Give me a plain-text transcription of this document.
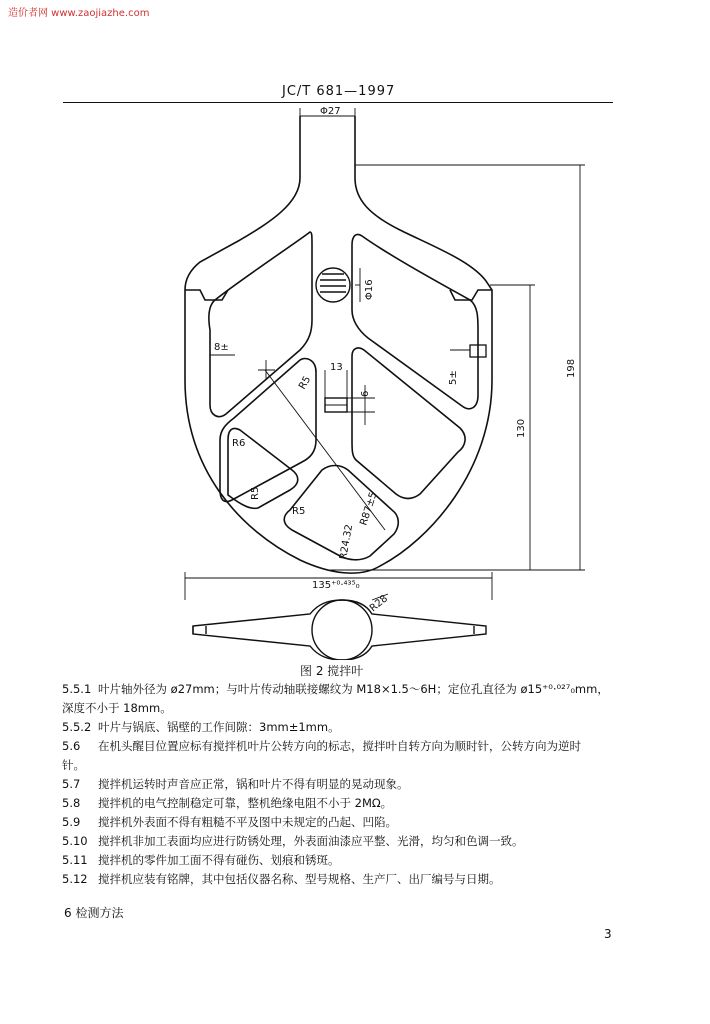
造价者网 www.zaojiazhe.com
JC/T 681—1997
Φ27
Φ16
8±
5±
R5
13
6
R6
R5
R5	R87±5
R24.32
130
198
135⁺⁰·⁴³⁵₀
R28
图 2 搅拌叶

5.5.1 叶片轴外径为 ø27mm；与叶片传动轴联接螺纹为 M18×1.5～6H；定位孔直径为 ø15⁺⁰·⁰²⁷₀mm，

深度不小于 18mm。

5.5.2 叶片与锅底、锅壁的工作间隙：3mm±1mm。

5.6 在机头醒目位置应标有搅拌机叶片公转方向的标志，搅拌叶自转方向为顺时针，公转方向为逆时

针。

5.7 搅拌机运转时声音应正常，锅和叶片不得有明显的晃动现象。

5.8 搅拌机的电气控制稳定可靠，整机绝缘电阻不小于 2MΩ。

5.9 搅拌机外表面不得有粗糙不平及图中未规定的凸起、凹陷。

5.10 搅拌机非加工表面均应进行防锈处理，外表面油漆应平整、光滑，均匀和色调一致。

5.11 搅拌机的零件加工面不得有碰伤、划痕和锈斑。

5.12 搅拌机应装有铭牌，其中包括仪器名称、型号规格、生产厂、出厂编号与日期。

6 检测方法
3
